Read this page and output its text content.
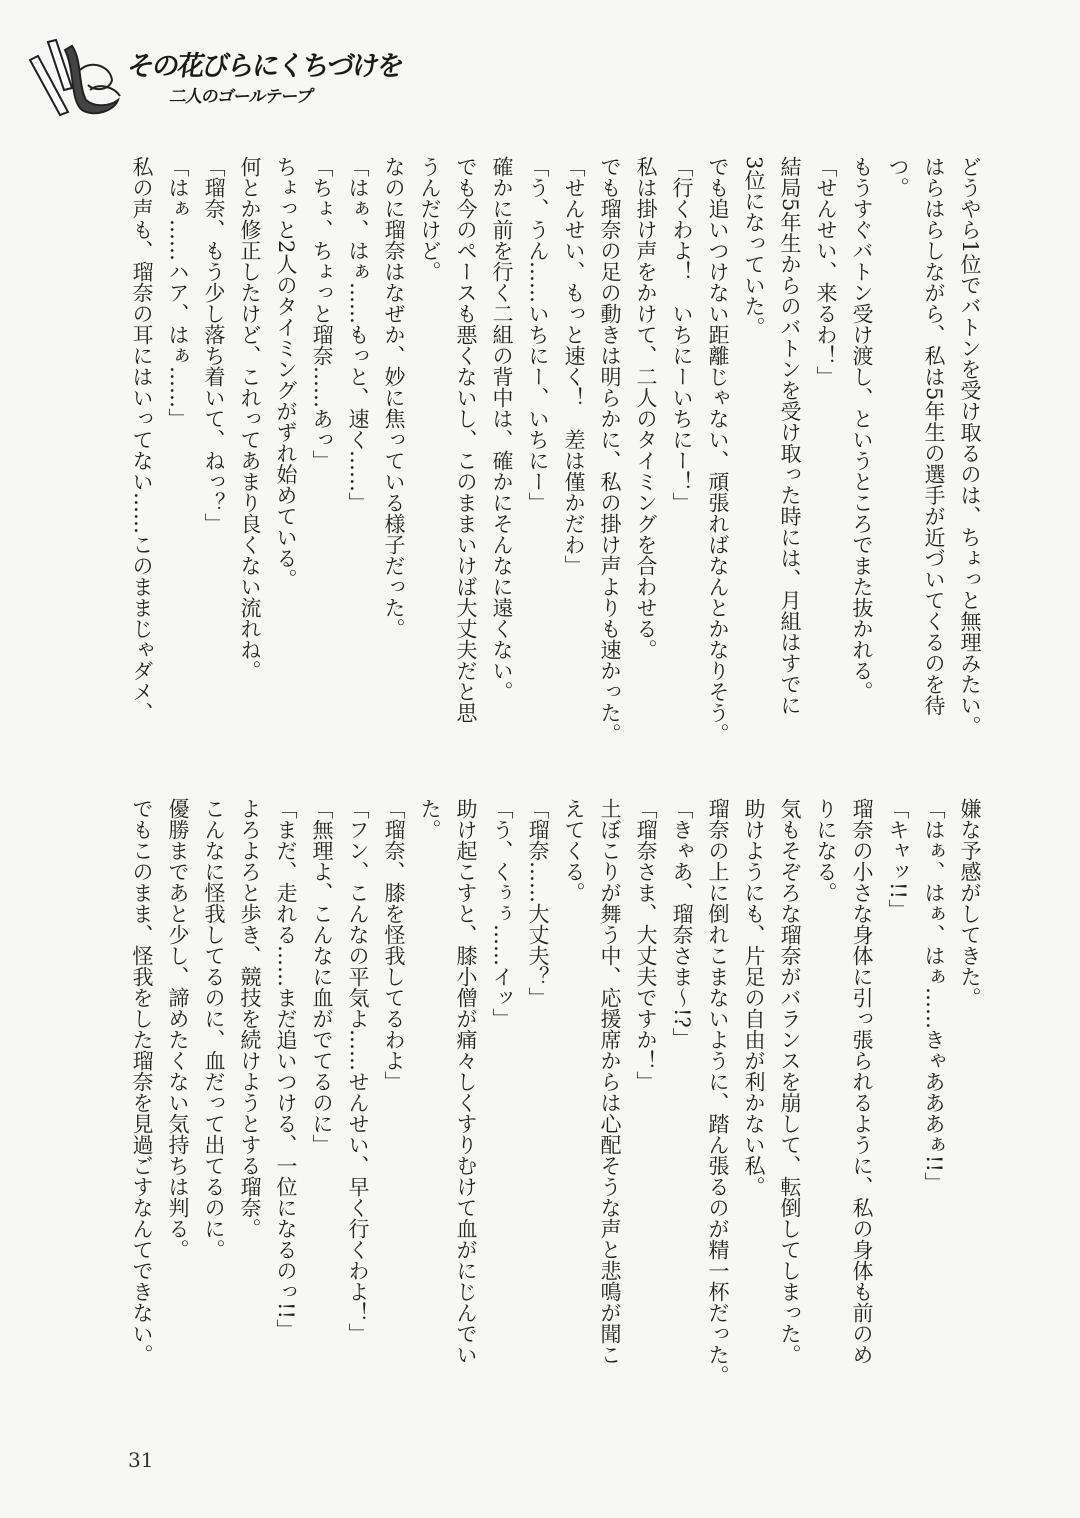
その花びらにくちづけを
二人のゴールテープ
どうやら1位でバトンを受け取るのは、ちょっと無理みたい。
はらはらしながら、私は5年生の選手が近づいてくるのを待
つ。
もうすぐバトン受け渡し、というところでまた抜かれる。
「せんせい、来るわ！」
結局5年生からのバトンを受け取った時には、月組はすでに
3位になっていた。
でも追いつけない距離じゃない、頑張ればなんとかなりそう。
「行くわよ！　いちにーいちにー！」
私は掛け声をかけて、二人のタイミングを合わせる。
でも瑠奈の足の動きは明らかに、私の掛け声よりも速かった。
「せんせい、もっと速く！　差は僅かだわ」
「う、うん……いちにー、いちにー」
確かに前を行く二組の背中は、確かにそんなに遠くない。
でも今のペースも悪くないし、このままいけば大丈夫だと思
うんだけど。
なのに瑠奈はなぜか、妙に焦っている様子だった。
「はぁ、はぁ……もっと、速く……」
「ちょ、ちょっと瑠奈……あっ」
ちょっと2人のタイミングがずれ始めている。
何とか修正したけど、これってあまり良くない流れね。
「瑠奈、もう少し落ち着いて、ねっ？」
「はぁ……ハア、はぁ……」
私の声も、瑠奈の耳にはいってない……このままじゃダメ、
嫌な予感がしてきた。
「はぁ、はぁ、はぁ……きゃあああぁ!!」
「キャッ!!」
瑠奈の小さな身体に引っ張られるように、私の身体も前のめ
りになる。
気もそぞろな瑠奈がバランスを崩して、転倒してしまった。
助けようにも、片足の自由が利かない私。
瑠奈の上に倒れこまないように、踏ん張るのが精一杯だった。
「きゃあ、瑠奈さま〜!?」
「瑠奈さま、大丈夫ですか！」
土ぼこりが舞う中、応援席からは心配そうな声と悲鳴が聞こ
えてくる。
「瑠奈……大丈夫？」
「う、くぅぅ……イッ」
助け起こすと、膝小僧が痛々しくすりむけて血がにじんでい
た。
「瑠奈、膝を怪我してるわよ」
「フン、こんなの平気よ……せんせい、早く行くわよ！」
「無理よ、こんなに血がでてるのに」
「まだ、走れる……まだ追いつける、一位になるのっ!!」
よろよろと歩き、競技を続けようとする瑠奈。
こんなに怪我してるのに、血だって出てるのに。
優勝まであと少し、諦めたくない気持ちは判る。
でもこのまま、怪我をした瑠奈を見過ごすなんてできない。
31
